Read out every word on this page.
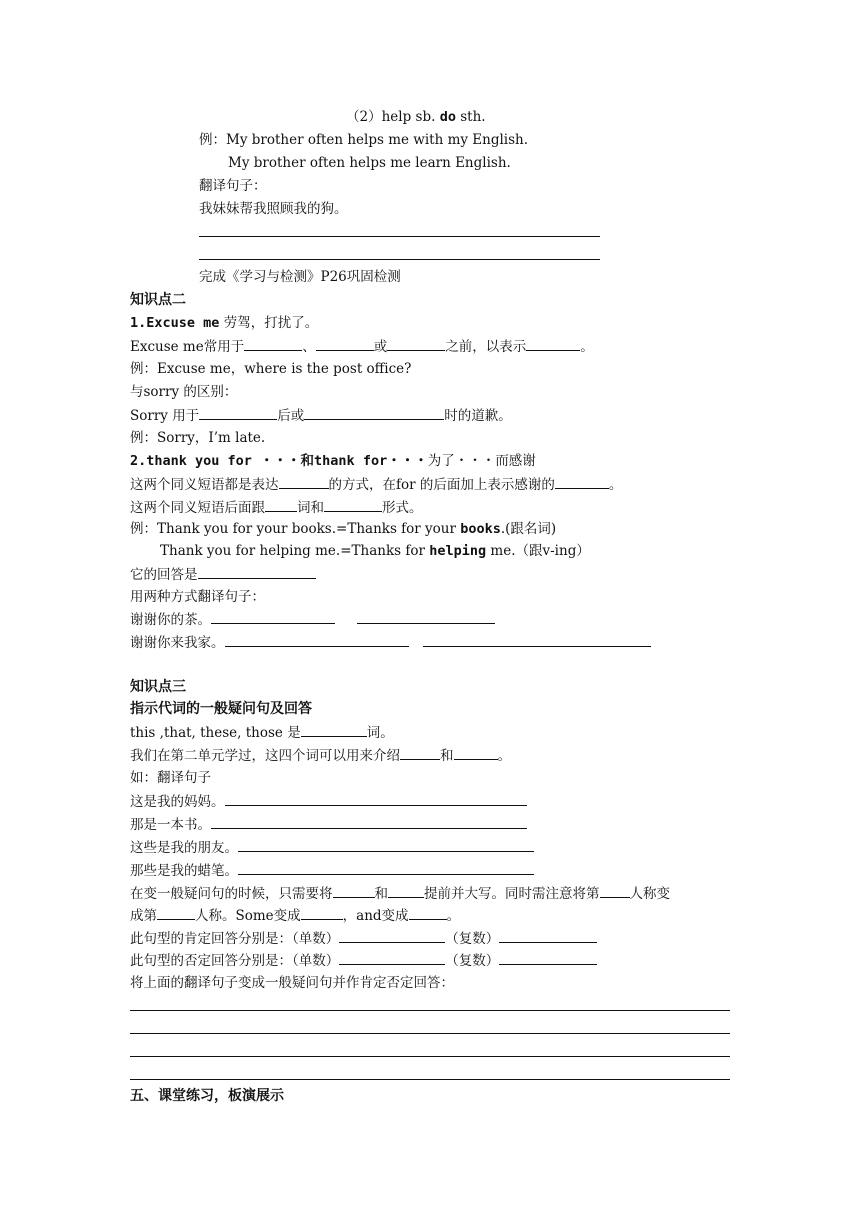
（2）help sb. do sth.
例：My brother often helps me with my English.
My brother often helps me learn English.
翻译句子：
我妹妹帮我照顾我的狗。
完成《学习与检测》P26巩固检测
知识点二
1.Excuse me 劳驾，打扰了。
Excuse me常用于	、	或	之前，以表示	。
例：Excuse me，where is the post office?
与sorry 的区别：
Sorry 用于	后或	时的道歉。
例：Sorry，I’m late.
2.thank you for ・・・和thank for・・・为了・・・而感谢
这两个同义短语都是表达	的方式，在for 的后面加上表示感谢的	。
这两个同义短语后面跟 词和	形式。
例：Thank you for your books.=Thanks for your books.(跟名词)
Thank you for helping me.=Thanks for helping me.（跟v-ing）
它的回答是
用两种方式翻译句子：
谢谢你的茶。
谢谢你来我家。
知识点三
指示代词的一般疑问句及回答
this ,that, these, those 是	词。
我们在第二单元学过，这四个词可以用来介绍	和	。
如：翻译句子
这是我的妈妈。
那是一本书。
这些是我的朋友。
那些是我的蜡笔。
在变一般疑问句的时候，只需要将	和	提前并大写。同时需注意将第 人称变
成第	人称。Some变成	，and变成	。
此句型的肯定回答分别是：（单数）	（复数）
此句型的否定回答分别是：（单数）	（复数）
将上面的翻译句子变成一般疑问句并作肯定否定回答：
五、课堂练习，板演展示
